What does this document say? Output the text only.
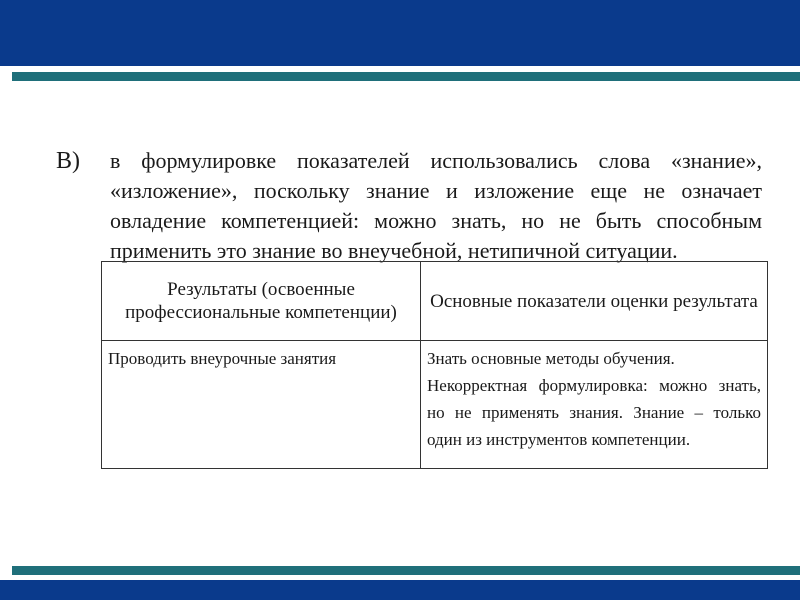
В) в формулировке показателей использовались слова «знание», «изложение», поскольку знание и изложение еще не означает овладение компетенцией: можно знать, но не быть способным применить это знание во внеучебной, нетипичной ситуации.
Результаты (освоенные профессиональные компетенции)	Основные показатели оценки результата
Проводить внеурочные занятия	Знать основные методы обучения.
Некорректная формулировка: можно знать, но не применять знания. Знание – только один из инструментов компетенции.
